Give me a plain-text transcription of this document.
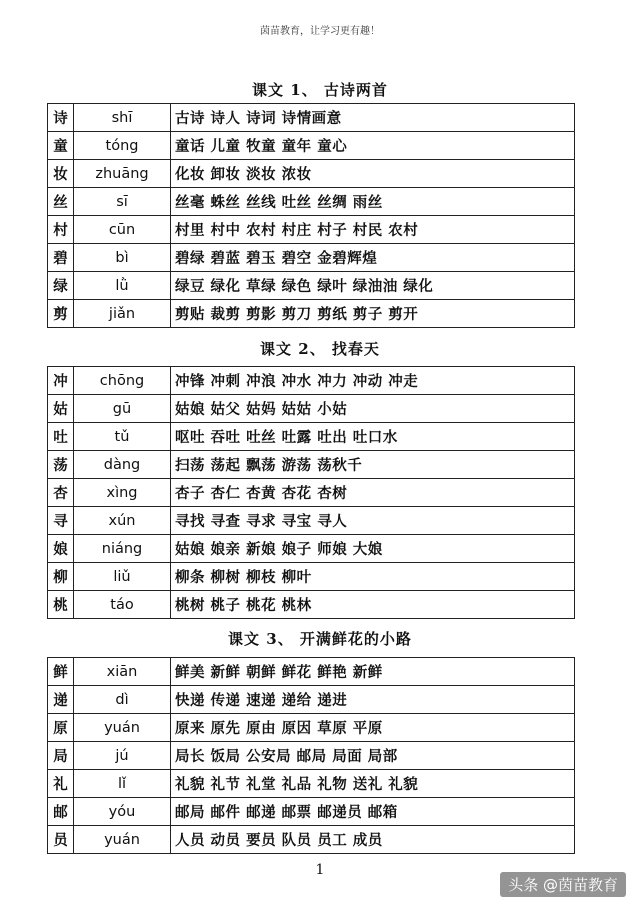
茵苗教育，让学习更有趣！
课文 1、 古诗两首
诗	shī	古诗 诗人 诗词 诗情画意
童	tóng	童话 儿童 牧童 童年 童心
妆	zhuāng	化妆 卸妆 淡妆 浓妆
丝	sī	丝毫 蛛丝 丝线 吐丝 丝绸 雨丝
村	cūn	村里 村中 农村 村庄 村子 村民 农村
碧	bì	碧绿 碧蓝 碧玉 碧空 金碧辉煌
绿	lǜ	绿豆 绿化 草绿 绿色 绿叶 绿油油 绿化
剪	jiǎn	剪贴 裁剪 剪影 剪刀 剪纸 剪子 剪开
课文 2、 找春天
冲	chōng	冲锋 冲刺 冲浪 冲水 冲力 冲动 冲走
姑	gū	姑娘 姑父 姑妈 姑姑 小姑
吐	tǔ	呕吐 吞吐 吐丝 吐露 吐出 吐口水
荡	dàng	扫荡 荡起 飘荡 游荡 荡秋千
杏	xìng	杏子 杏仁 杏黄 杏花 杏树
寻	xún	寻找 寻查 寻求 寻宝 寻人
娘	niáng	姑娘 娘亲 新娘 娘子 师娘 大娘
柳	liǔ	柳条 柳树 柳枝 柳叶
桃	táo	桃树 桃子 桃花 桃林
课文 3、 开满鲜花的小路
鲜	xiān	鲜美 新鲜 朝鲜 鲜花 鲜艳 新鲜
递	dì	快递 传递 速递 递给 递进
原	yuán	原来 原先 原由 原因 草原 平原
局	jú	局长 饭局 公安局 邮局 局面 局部
礼	lǐ	礼貌 礼节 礼堂 礼品 礼物 送礼 礼貌
邮	yóu	邮局 邮件 邮递 邮票 邮递员 邮箱
员	yuán	人员 动员 要员 队员 员工 成员
1
头条 @茵苗教育
